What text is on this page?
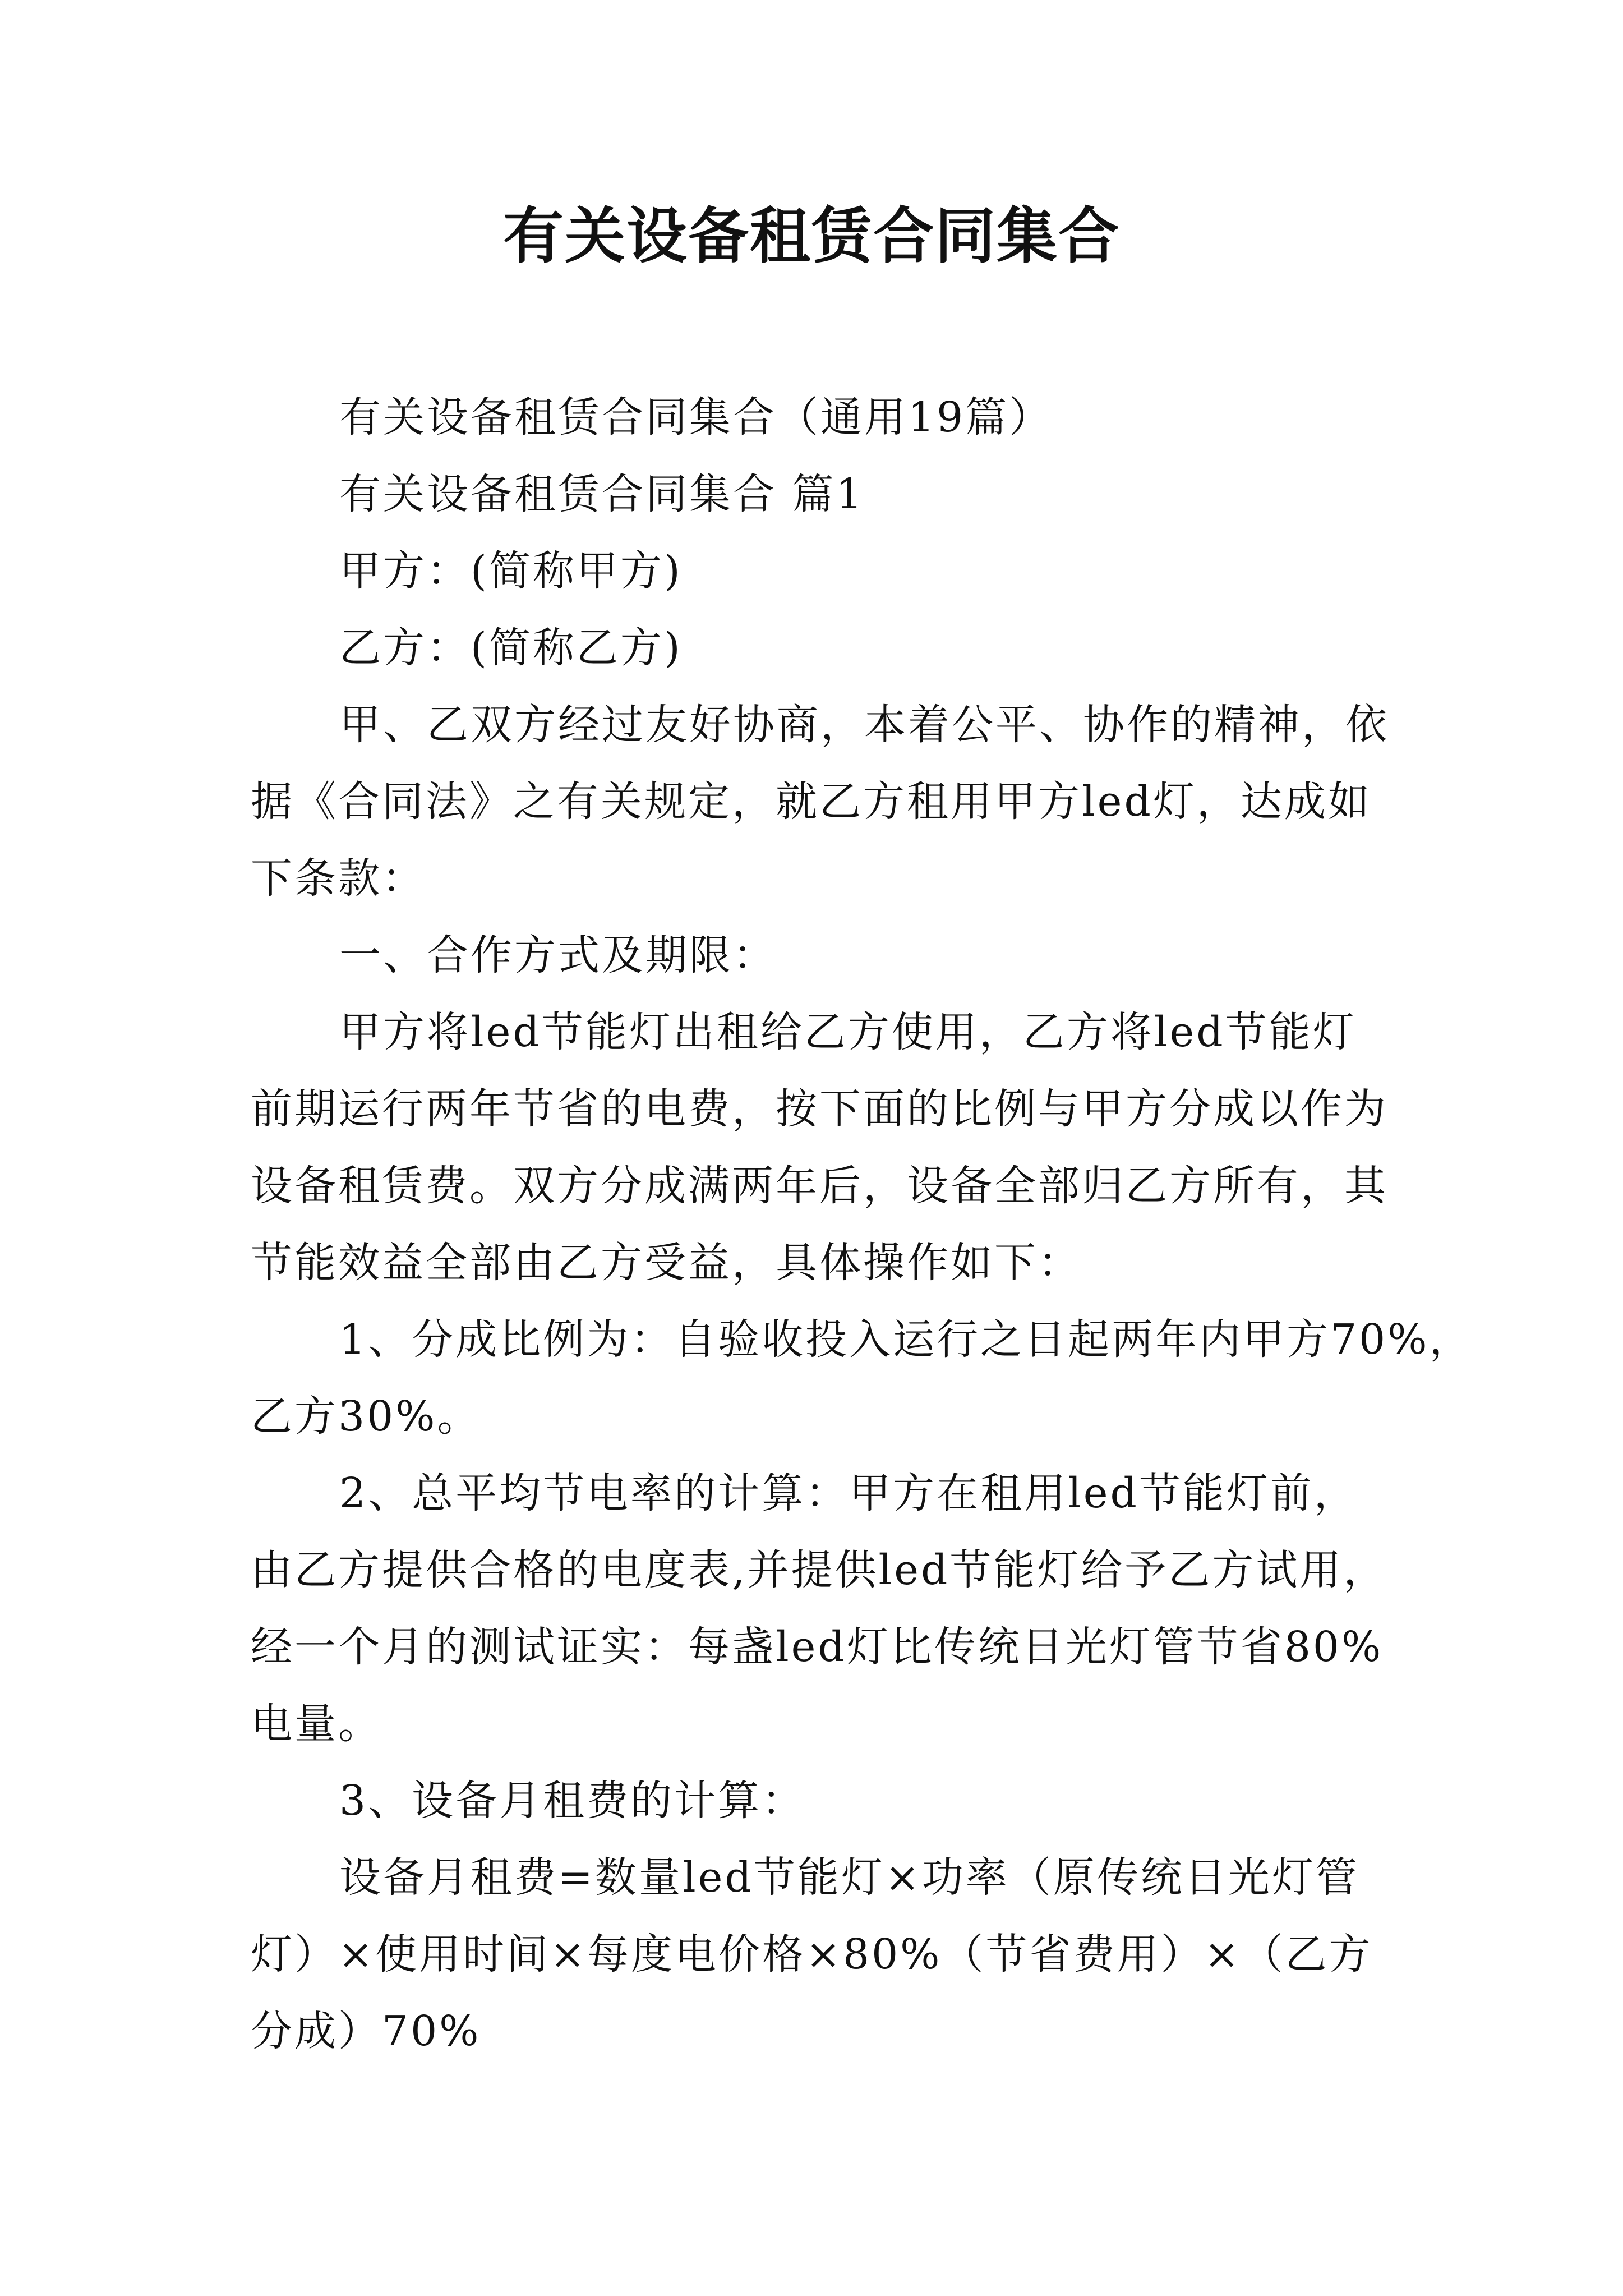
有关设备租赁合同集合
有关设备租赁合同集合（通用19篇）
有关设备租赁合同集合 篇1
甲方：(简称甲方)
乙方：(简称乙方)
甲、乙双方经过友好协商，本着公平、协作的精神，依
据《合同法》之有关规定，就乙方租用甲方led灯，达成如
下条款：
一、合作方式及期限：
甲方将led节能灯出租给乙方使用，乙方将led节能灯
前期运行两年节省的电费，按下面的比例与甲方分成以作为
设备租赁费。双方分成满两年后，设备全部归乙方所有，其
节能效益全部由乙方受益，具体操作如下：
1、分成比例为：自验收投入运行之日起两年内甲方70%，
乙方30%。
2、总平均节电率的计算：甲方在租用led节能灯前，
由乙方提供合格的电度表,并提供led节能灯给予乙方试用，
经一个月的测试证实：每盏led灯比传统日光灯管节省80%
电量。
3、设备月租费的计算：
设备月租费=数量led节能灯×功率（原传统日光灯管
灯）×使用时间×每度电价格×80%（节省费用）×（乙方
分成）70%
